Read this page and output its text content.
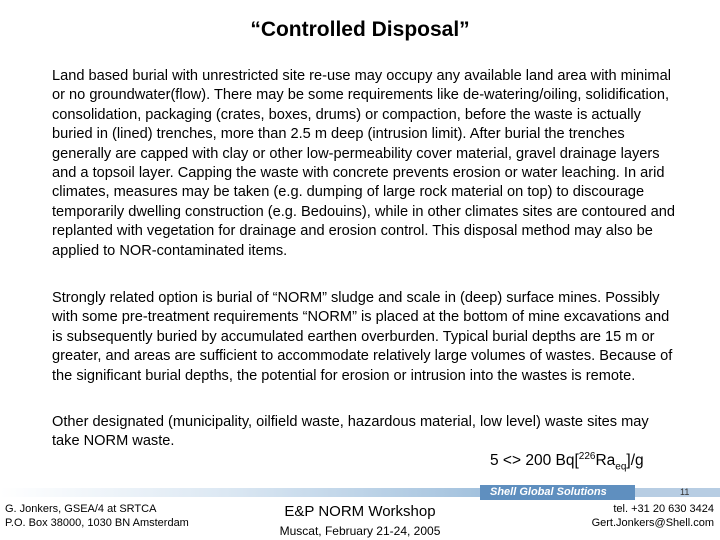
“Controlled Disposal”
Land based burial with unrestricted site re-use may occupy any available land area with minimal or no groundwater(flow). There may be some requirements like de-watering/oiling, solidification, consolidation, packaging (crates, boxes, drums) or compaction, before the waste is actually buried in (lined) trenches, more than 2.5 m deep (intrusion limit). After burial the trenches generally are capped with clay or other low-permeability cover material, gravel drainage layers and a topsoil layer. Capping the waste with concrete prevents erosion or water leaching. In arid climates, measures may be taken (e.g. dumping of large rock material on top) to discourage temporarily dwelling construction (e.g. Bedouins), while in other climates sites are contoured and replanted with vegetation for drainage and erosion control. This disposal method may also be applied to NOR-contaminated items.
Strongly related option is burial of “NORM” sludge and scale in (deep) surface mines. Possibly with some pre-treatment requirements “NORM” is placed at the bottom of mine excavations and is subsequently buried by accumulated earthen overburden. Typical burial depths are 15 m or greater, and areas are sufficient to accommodate relatively large volumes of wastes. Because of the significant burial depths, the potential for erosion or intrusion into the wastes is remote.
Other designated (municipality, oilfield waste, hazardous material, low level) waste sites may take NORM waste.
5 <> 200 $Bq[^{226}Ra_{eq}]/g$
Shell Global Solutions	11
G. Jonkers, GSEA/4 at SRTCA
P.O. Box 38000, 1030 BN Amsterdam
E&P NORM Workshop
Muscat, February 21-24, 2005
tel. +31 20 630 3424
Gert.Jonkers@Shell.com
